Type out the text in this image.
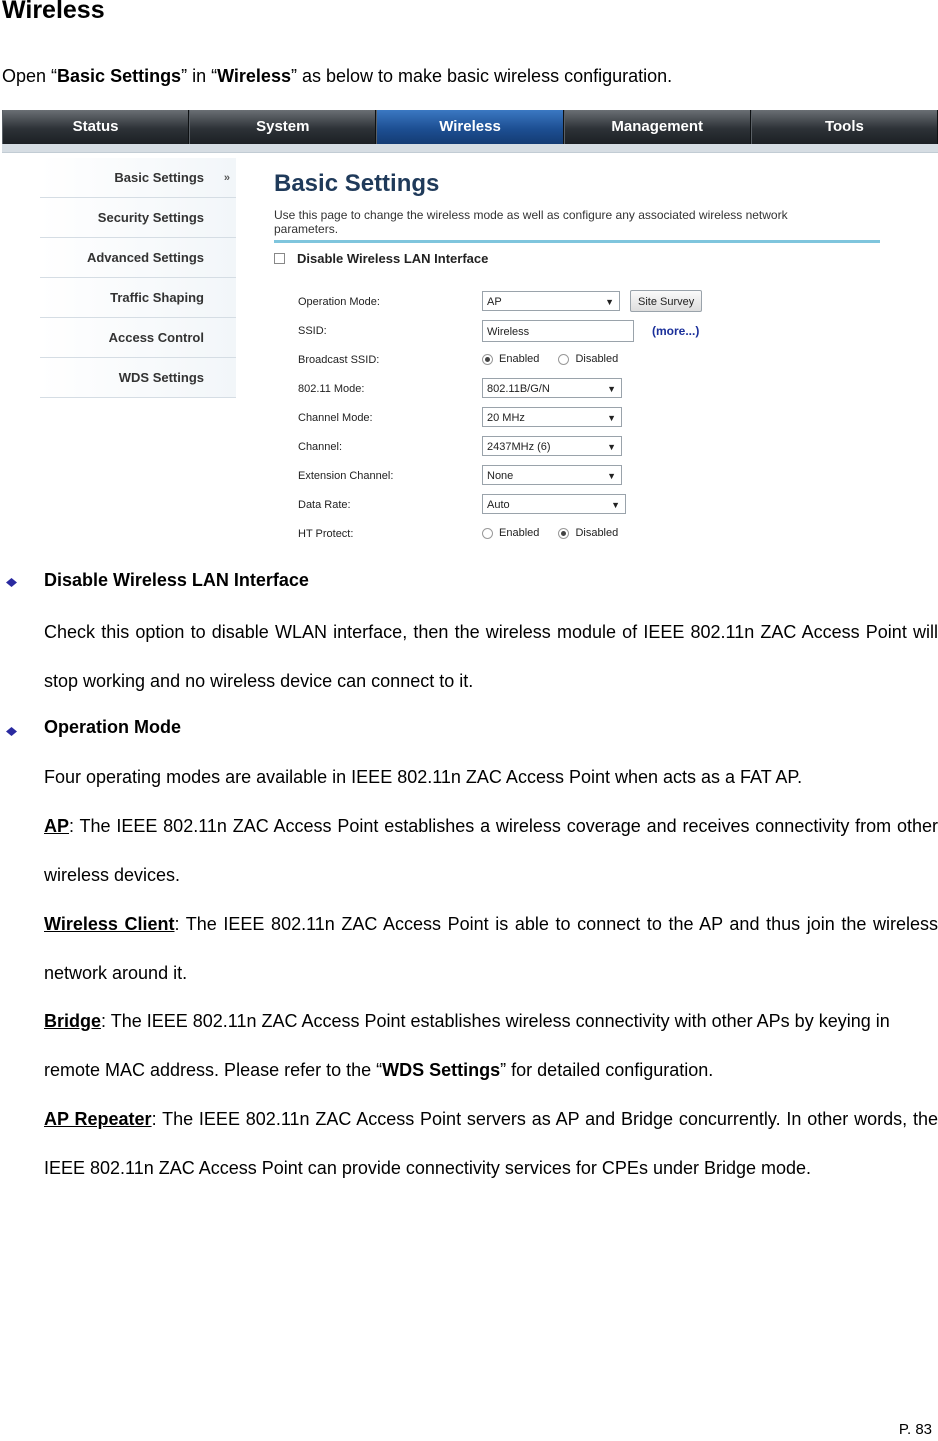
Wireless
Open “Basic Settings” in “Wireless” as below to make basic wireless configuration.
Status	System	Wireless	Management	Tools
Basic Settings »
Security Settings
Advanced Settings
Traffic Shaping
Access Control
WDS Settings
Basic Settings
Use this page to change the wireless mode as well as configure any associated wireless network parameters.
Disable Wireless LAN Interface
Operation Mode:	AP	▼	Site Survey
SSID:	Wireless	(more...)
Broadcast SSID:	Enabled
	Disabled
802.11 Mode:	802.11B/G/N	▼
Channel Mode:	20 MHz	▼
Channel:	2437MHz (6)	▼
Extension Channel:	None	▼
Data Rate:	Auto	▼
HT Protect:	Enabled
	Disabled
Disable Wireless LAN Interface
Check this option to disable WLAN interface, then the wireless module of IEEE 802.11n ZAC Access Point will stop working and no wireless device can connect to it.
Operation Mode
Four operating modes are available in IEEE 802.11n ZAC Access Point when acts as a FAT AP.
AP: The IEEE 802.11n ZAC Access Point establishes a wireless coverage and receives connectivity from other wireless devices.
Wireless Client: The IEEE 802.11n ZAC Access Point is able to connect to the AP and thus join the wireless network around it.
Bridge: The IEEE 802.11n ZAC Access Point establishes wireless connectivity with other APs by keying in remote MAC address. Please refer to the “WDS Settings” for detailed configuration.
AP Repeater: The IEEE 802.11n ZAC Access Point servers as AP and Bridge concurrently. In other words, the IEEE 802.11n ZAC Access Point can provide connectivity services for CPEs under Bridge mode.
P. 83
